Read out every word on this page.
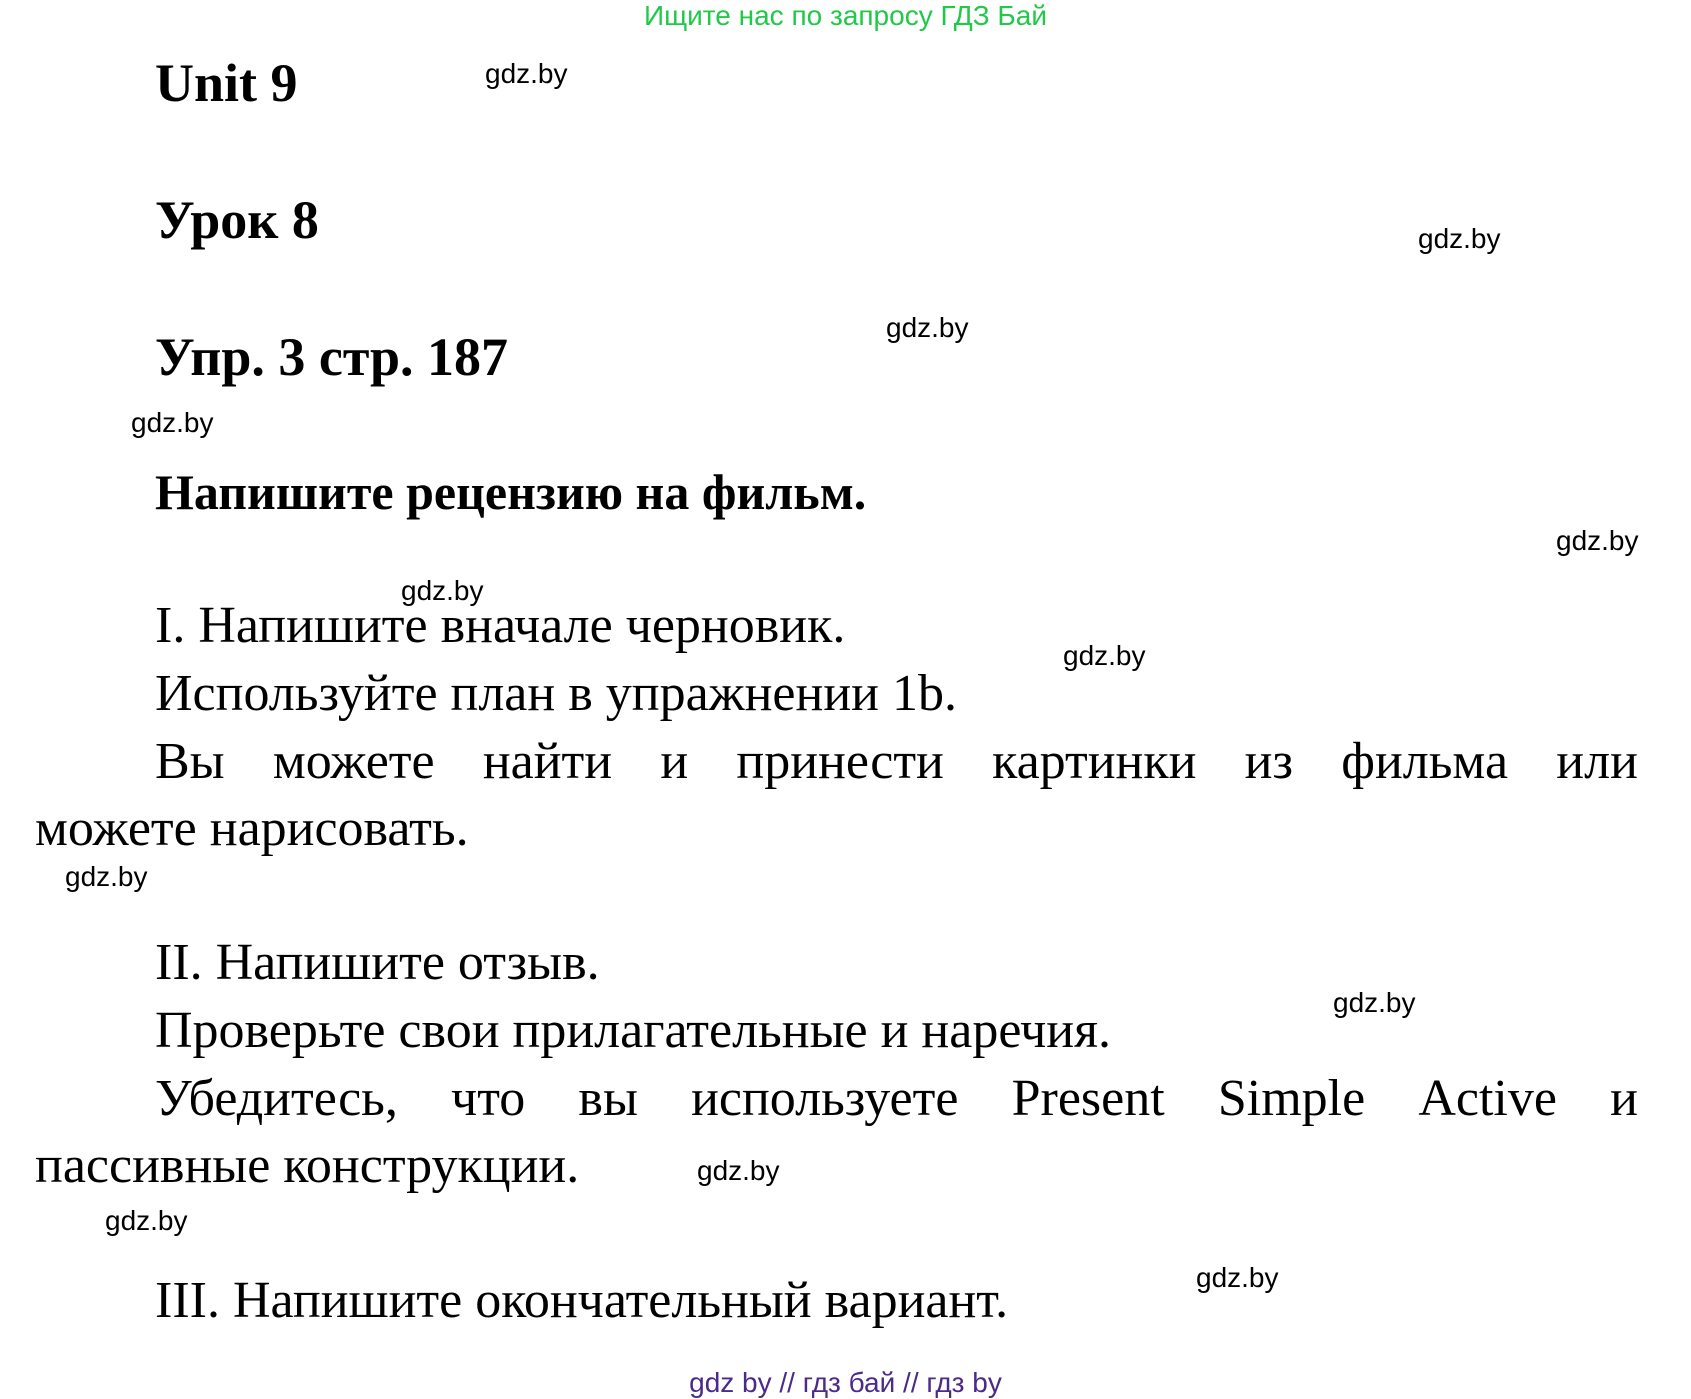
Ищите нас по запросу ГДЗ Бай
Unit 9
Урок 8
Упр. 3 стр. 187
Напишите рецензию на фильм.
I. Напишите вначале черновик.
Используйте план в упражнении 1b.
Вы можете найти и принести картинки из фильма или
можете нарисовать.
II. Напишите отзыв.
Проверьте свои прилагательные и наречия.
Убедитесь, что вы используете Present Simple Active и
пассивные конструкции.
III. Напишите окончательный вариант.
gdz.by
gdz.by
gdz.by
gdz.by
gdz.by
gdz.by
gdz.by
gdz.by
gdz.by
gdz.by
gdz.by
gdz.by
gdz by // гдз бай // гдз by
